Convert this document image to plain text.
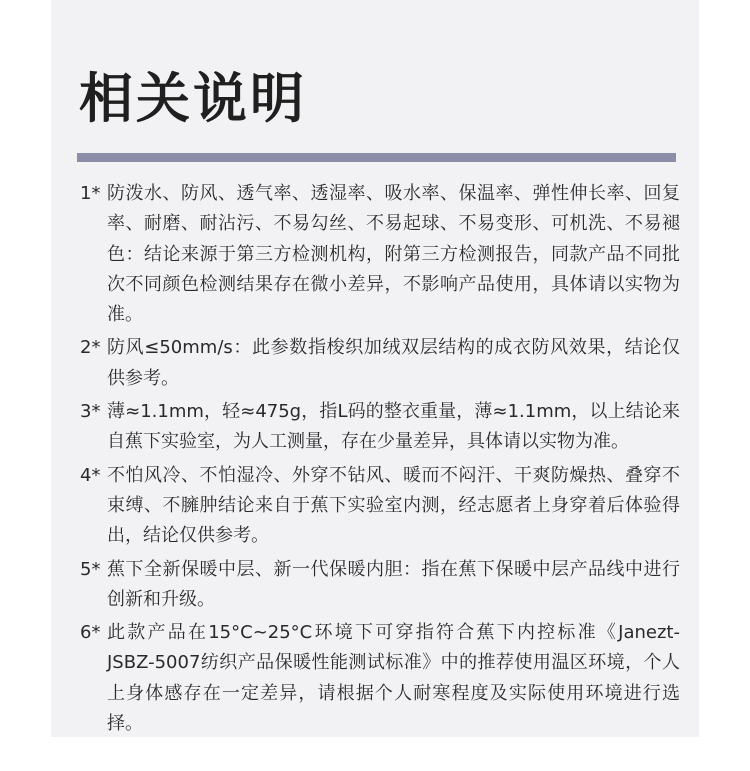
相关说明
1* 防泼水、防风、透气率、透湿率、吸水率、保温率、弹性伸长率、回复率、耐磨、耐沾污、不易勾丝、不易起球、不易变形、可机洗、不易褪色：结论来源于第三方检测机构，附第三方检测报告，同款产品不同批次不同颜色检测结果存在微小差异，不影响产品使用，具体请以实物为准。
2* 防风≤50mm/s：此参数指梭织加绒双层结构的成衣防风效果，结论仅供参考。
3* 薄≈1.1mm，轻≈475g，指L码的整衣重量，薄≈1.1mm，以上结论来自蕉下实验室，为人工测量，存在少量差异，具体请以实物为准。
4* 不怕风冷、不怕湿冷、外穿不钻风、暖而不闷汗、干爽防燥热、叠穿不束缚、不臃肿结论来自于蕉下实验室内测，经志愿者上身穿着后体验得出，结论仅供参考。
5* 蕉下全新保暖中层、新一代保暖内胆：指在蕉下保暖中层产品线中进行创新和升级。
6* 此款产品在15°C~25°C环境下可穿指符合蕉下内控标准《Janezt-JSBZ-5007纺织产品保暖性能测试标准》中的推荐使用温区环境，个人上身体感存在一定差异，请根据个人耐寒程度及实际使用环境进行选择。
